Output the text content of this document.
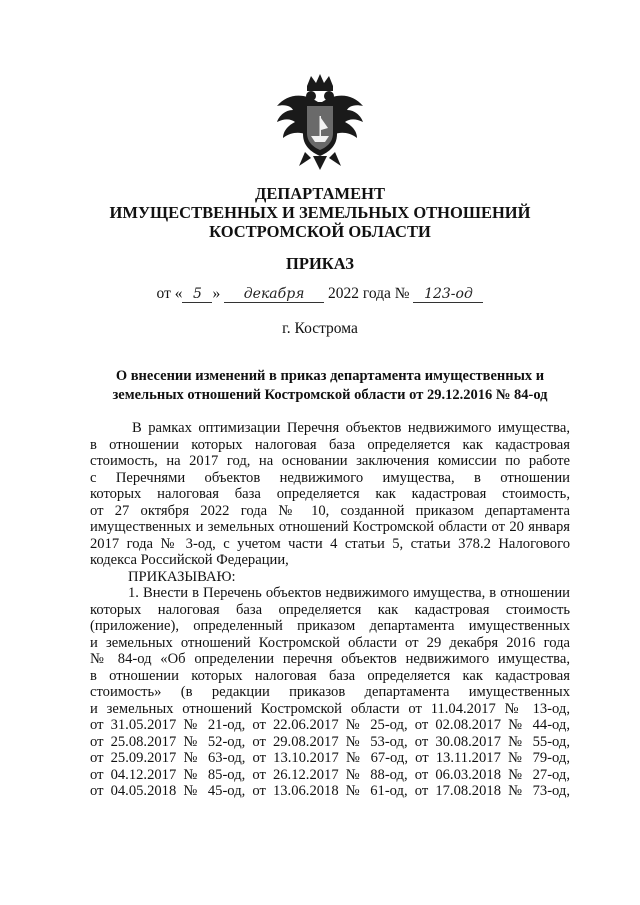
ДЕПАРТАМЕНТ
ИМУЩЕСТВЕННЫХ И ЗЕМЕЛЬНЫХ ОТНОШЕНИЙ
КОСТРОМСКОЙ ОБЛАСТИ
ПРИКАЗ
от « 5 » декабря 2022 года № 123-од
г. Кострома
О внесении изменений в приказ департамента имущественных и
земельных отношений Костромской области от 29.12.2016 № 84-од

В рамках оптимизации Перечня объектов недвижимого имущества,

в отношении которых налоговая база определяется как кадастровая

стоимость, на 2017 год, на основании заключения комиссии по работе

с Перечнями объектов недвижимого имущества, в отношении

которых налоговая база определяется как кадастровая стоимость,

от 27 октября 2022 года № 10, созданной приказом департамента

имущественных и земельных отношений Костромской области от 20 января

2017 года № 3-од, с учетом части 4 статьи 5, статьи 378.2 Налогового

кодекса Российской Федерации,

ПРИКАЗЫВАЮ:

1. Внести в Перечень объектов недвижимого имущества, в отношении

которых налоговая база определяется как кадастровая стоимость

(приложение), определенный приказом департамента имущественных

и земельных отношений Костромской области от 29 декабря 2016 года

№ 84-од «Об определении перечня объектов недвижимого имущества,

в отношении которых налоговая база определяется как кадастровая

стоимость» (в редакции приказов департамента имущественных

и земельных отношений Костромской области от 11.04.2017 № 13-од,

от 31.05.2017 № 21-од, от 22.06.2017 № 25-од, от 02.08.2017 № 44-од,

от 25.08.2017 № 52-од, от 29.08.2017 № 53-од, от 30.08.2017 № 55-од,

от 25.09.2017 № 63-од, от 13.10.2017 № 67-од, от 13.11.2017 № 79-од,

от 04.12.2017 № 85-од, от 26.12.2017 № 88-од, от 06.03.2018 № 27-од,

от 04.05.2018 № 45-од, от 13.06.2018 № 61-од, от 17.08.2018 № 73-од,
